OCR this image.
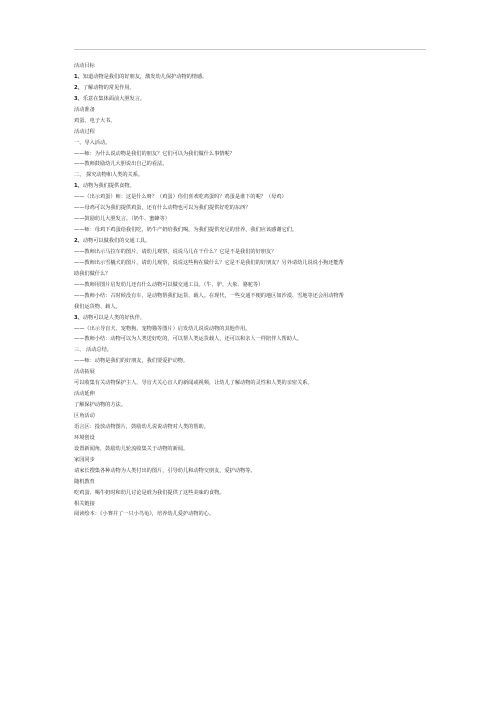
活动目标
1、知道动物是我们的好朋友，激发幼儿保护动物的情感。
2、了解动物的常见作用。
3、乐意在集体面前大胆发言。
活动准备
鸡蛋、电子大书。
活动过程
一、导入活动。
——师：为什么说动物是我们的朋友？它们可以为我们做什么事情呢？
——教师鼓励幼儿大胆说出自己的看法。
二、 探究动物和人类的关系。
1、动物为我们提供食物。
——（出示鸡蛋）师：这是什么呀？（鸡蛋）你们喜欢吃鸡蛋吗？鸡蛋是谁下的呢？（母鸡）
——母鸡可以为我们提供鸡蛋，还有什么动物也可以为我们提供好吃的东西？
——鼓励幼儿大胆发言。（奶牛、蜜蜂等）
——师：母鸡下鸡蛋给我们吃，奶牛产奶给我们喝，为我们提供充足的营养，我们应该感谢它们。
2、动物可以做我们的交通工具。
——教师出示马拉车的图片，请幼儿观察，说说马儿在干什么？它是不是我们的好朋友？
——教师出示雪橇犬的图片，请幼儿观察，说说这些狗在做什么？它是不是我们的好朋友？另外请幼儿说说小狗还能帮
助我们做什么？
——教师用图片启发幼儿还有什么动物可以做交通工具。（牛、驴、大象、骆驼等）
——教师小结：古时候没有车，是动物帮我们运货、载人。在现代，一些交通不便的地区如沙漠、雪地等还会用动物帮
我们运货物、载人。
3、动物可以是人类的好伙伴。
——（出示导盲犬、宠物狗、宠物猫等图片）启发幼儿说说动物的其他作用。
——教师小结：动物可以为人类送好吃的，可以帮人类运货载人，还可以和亲人一样陪伴人帮助人。
三、 活动总结。
——师：动物是我们的好朋友，我们要爱护动物。
活动拓展
可以收集有关动物保护主人、导盲犬关心盲人的新闻或视频，让幼儿了解动物的灵性和人类的亲密关系。
活动延伸
了解保护动物的方法。
区角活动
语言区：投放动物图片，鼓励幼儿说说动物对人类的帮助。
环境创设
设置新闻角，鼓励幼儿轮流收集关于动物的新闻。
家园同步
请家长搜集各种动物为人类付出的图片，引导幼儿和动物交朋友，爱护动物等。
随机教育
吃鸡蛋、喝牛奶时和幼儿讨论是谁为我们提供了这些美味的食物。
相关链接
阅读绘本：《小赛并了一只小鸟龟》，培养幼儿爱护动物的心。
